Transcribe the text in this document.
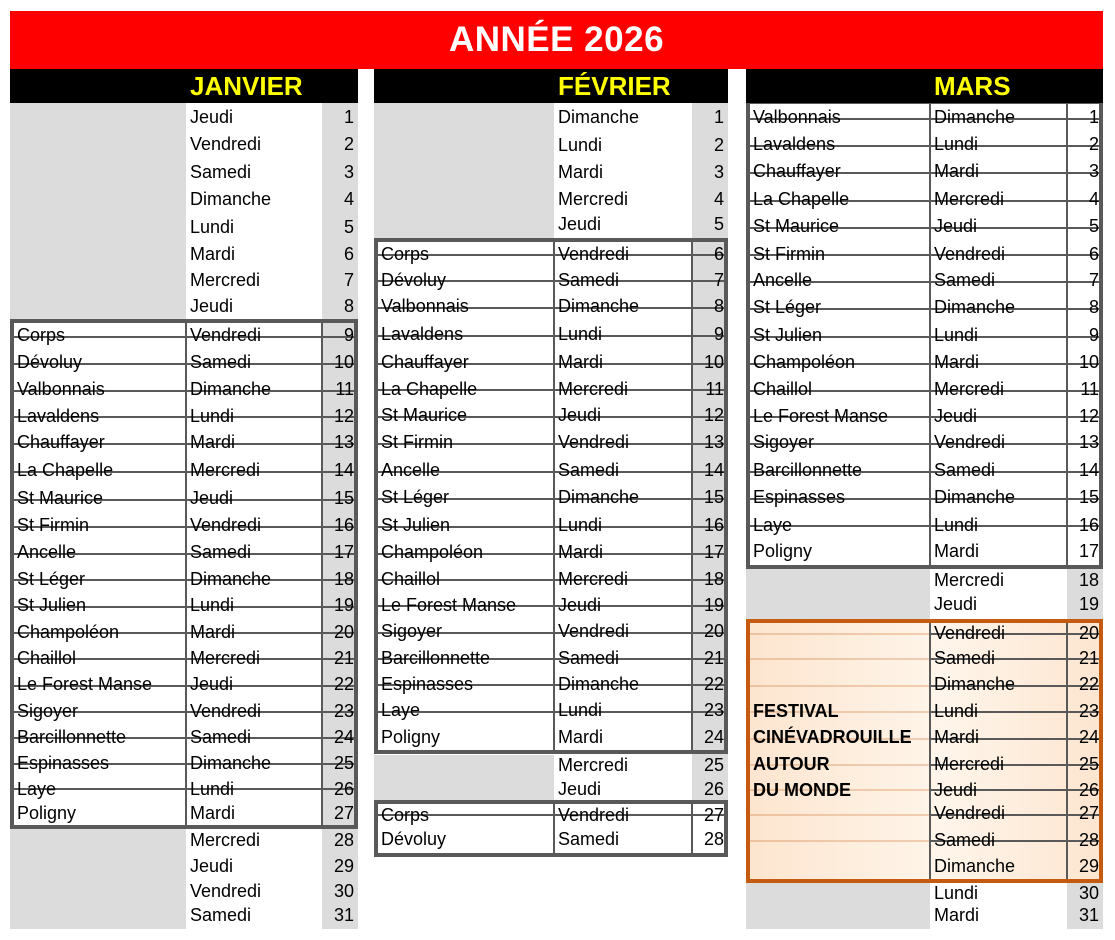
ANNÉE 2026
JANVIER
Jeudi	1
Vendredi	2
Samedi	3
Dimanche	4
Lundi	5
Mardi	6
Mercredi	7
Jeudi	8
Corps	Vendredi	9
Dévoluy	Samedi	10
Valbonnais	Dimanche	11
Lavaldens	Lundi	12
Chauffayer	Mardi	13
La Chapelle	Mercredi	14
St Maurice	Jeudi	15
St Firmin	Vendredi	16
Ancelle	Samedi	17
St Léger	Dimanche	18
St Julien	Lundi	19
Champoléon	Mardi	20
Chaillol	Mercredi	21
Le Forest Manse Jeudi	22
Sigoyer	Vendredi	23
Barcillonnette	Samedi	24
Espinasses	Dimanche	25
Laye	Lundi	26
Poligny	Mardi	27
Mercredi	28
Jeudi	29
Vendredi	30
Samedi	31
FÉVRIER
Dimanche	1
Lundi	2
Mardi	3
Mercredi	4
Jeudi	5
Corps	Vendredi	6
Dévoluy	Samedi	7
Valbonnais	Dimanche	8
Lavaldens	Lundi	9
Chauffayer	Mardi	10
La Chapelle	Mercredi	11
St Maurice	Jeudi	12
St Firmin	Vendredi	13
Ancelle	Samedi	14
St Léger	Dimanche	15
St Julien	Lundi	16
Champoléon	Mardi	17
Chaillol	Mercredi	18
Le Forest Manse Jeudi	19
Sigoyer	Vendredi	20
Barcillonnette	Samedi	21
Espinasses	Dimanche	22
Laye	Lundi	23
Poligny	Mardi	24
Mercredi	25
Jeudi	26
Corps	Vendredi	27
Dévoluy	Samedi	28
MARS
Valbonnais	Dimanche	1
Lavaldens	Lundi	2
Chauffayer	Mardi	3
La Chapelle	Mercredi	4
St Maurice	Jeudi	5
St Firmin	Vendredi	6
Ancelle	Samedi	7
St Léger	Dimanche	8
St Julien	Lundi	9
Champoléon	Mardi	10
Chaillol	Mercredi	11
Le Forest Manse	Jeudi	12
Sigoyer	Vendredi	13
Barcillonnette	Samedi	14
Espinasses	Dimanche	15
Laye	Lundi	16
Poligny	Mardi	17
Mercredi	18
Jeudi	19
Vendredi	20
Samedi	21
Dimanche	22
FESTIVAL	Lundi	23
CINÉVADROUILLE Mardi	24
AUTOUR	Mercredi	25
DU MONDE	Jeudi	26
Vendredi	27
Samedi	28
Dimanche	29
Lundi	30
Mardi	31
